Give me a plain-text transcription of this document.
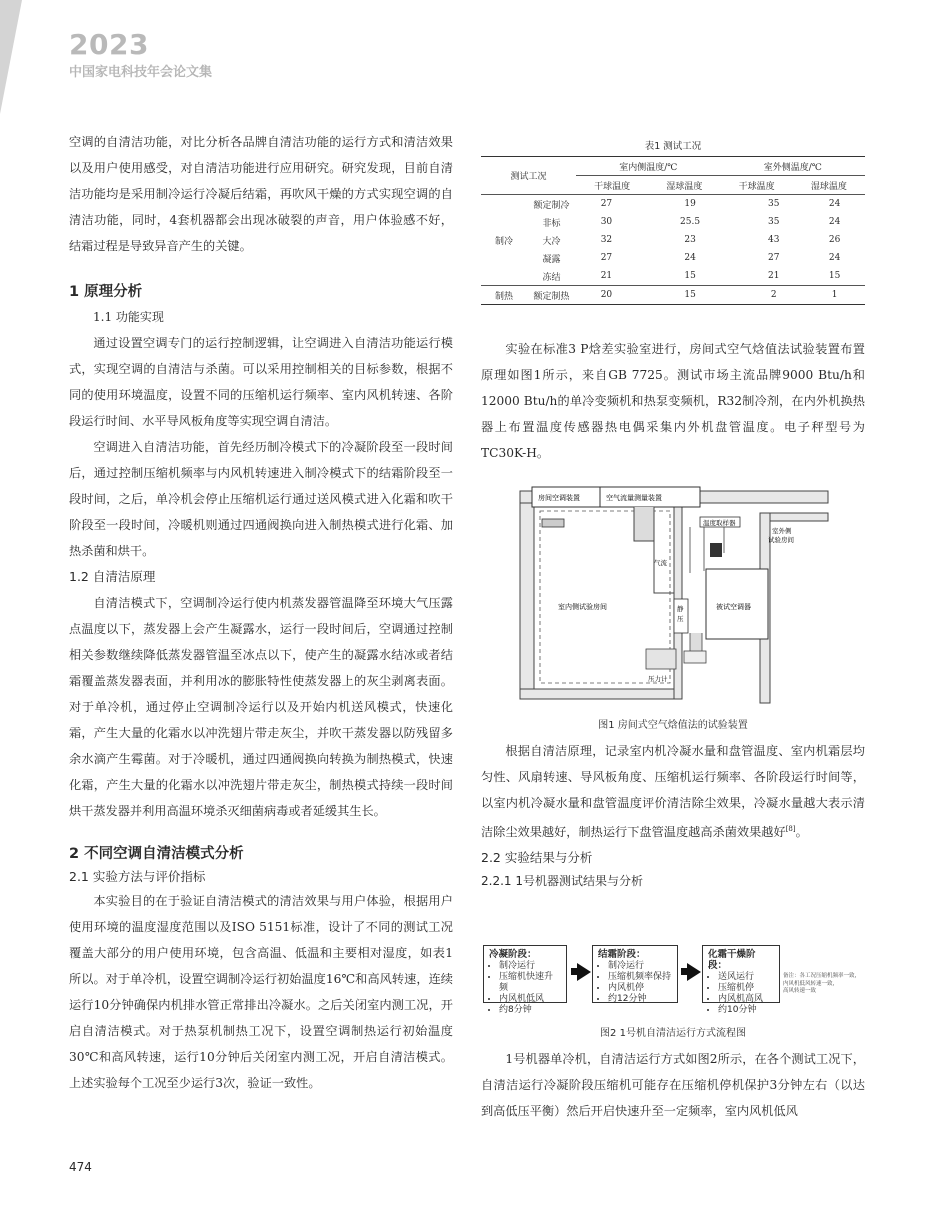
2023
中国家电科技年会论文集

空调的自清洁功能，对比分析各品牌自清洁功能的运行方式和清洁效果以及用户使用感受，对自清洁功能进行应用研究。研究发现，目前自清洁功能均是采用制冷运行冷凝后结霜，再吹风干燥的方式实现空调的自清洁功能，同时，4套机器都会出现冰破裂的声音，用户体验感不好，结霜过程是导致异音产生的关键。

1 原理分析

1.1 功能实现

通过设置空调专门的运行控制逻辑，让空调进入自清洁功能运行模式，实现空调的自清洁与杀菌。可以采用控制相关的目标参数，根据不同的使用环境温度，设置不同的压缩机运行频率、室内风机转速、各阶段运行时间、水平导风板角度等实现空调自清洁。

空调进入自清洁功能，首先经历制冷模式下的冷凝阶段至一段时间后，通过控制压缩机频率与内风机转速进入制冷模式下的结霜阶段至一段时间，之后，单冷机会停止压缩机运行通过送风模式进入化霜和吹干阶段至一段时间，冷暖机则通过四通阀换向进入制热模式进行化霜、加热杀菌和烘干。

1.2 自清洁原理

自清洁模式下，空调制冷运行使内机蒸发器管温降至环境大气压露点温度以下，蒸发器上会产生凝露水，运行一段时间后，空调通过控制相关参数继续降低蒸发器管温至冰点以下，使产生的凝露水结冰或者结霜覆盖蒸发器表面，并利用冰的膨胀特性使蒸发器上的灰尘剥离表面。对于单冷机，通过停止空调制冷运行以及开始内机送风模式，快速化霜，产生大量的化霜水以冲洗翅片带走灰尘，并吹干蒸发器以防残留多余水滴产生霉菌。对于冷暖机，通过四通阀换向转换为制热模式，快速化霜，产生大量的化霜水以冲洗翅片带走灰尘，制热模式持续一段时间烘干蒸发器并利用高温环境杀灭细菌病毒或者延缓其生长。

2 不同空调自清洁模式分析

2.1 实验方法与评价指标

本实验目的在于验证自清洁模式的清洁效果与用户体验，根据用户使用环境的温度湿度范围以及ISO 5151标准，设计了不同的测试工况覆盖大部分的用户使用环境，包含高温、低温和主要相对湿度，如表1所以。对于单冷机，设置空调制冷运行初始温度16℃和高风转速，连续运行10分钟确保内机排水管正常排出冷凝水。之后关闭室内测工况，开启自清洁模式。对于热泵机制热工况下，设置空调制热运行初始温度30℃和高风转速，运行10分钟后关闭室内测工况，开启自清洁模式。上述实验每个工况至少运行3次，验证一致性。

表1 测试工况
测试工况	室内侧温度/℃		室外侧温度/℃	
	干球温度	湿球温度	干球温度	湿球温度
制冷	额定制冷	27	19	35	24
	非标	30	25.5	35	24
	大冷	32	23	43	26
	凝露	27	24	27	24
	冻结	21	15	21	15
制热	额定制热	20	15	2	1

实验在标准3 P焓差实验室进行，房间式空气焓值法试验装置布置原理如图1所示，来自GB 7725。测试市场主流品牌9000 Btu/h和12000 Btu/h的单冷变频机和热泵变频机，R32制冷剂，在内外机换热器上布置温度传感器热电偶采集内外机盘管温度。电子秤型号为TC30K-H。

房间空调装置	空气流量测量装置
温度取样器
室外侧
试验房间
气流
被试空调器
室内侧试验房间	静
压
压力计
图1 房间式空气焓值法的试验装置

根据自清洁原理，记录室内机冷凝水量和盘管温度、室内机霜层均匀性、风扇转速、导风板角度、压缩机运行频率、各阶段运行时间等，以室内机冷凝水量和盘管温度评价清洁除尘效果，冷凝水量越大表示清洁除尘效果越好，制热运行下盘管温度越高杀菌效果越好[8]。

2.2 实验结果与分析

2.2.1 1号机器测试结果与分析

冷凝阶段：
• 制冷运行
• 压缩机快速升频
• 内风机低风
• 约8分钟
结霜阶段：
• 制冷运行
• 压缩机频率保持
• 内风机停
• 约12分钟
化霜干燥阶段：
• 送风运行
• 压缩机停
• 内风机高风
• 约10分钟
备注：各工况压缩机频率一致，
内风机低风转速一致，
高风转速一致
图2 1号机自清洁运行方式流程图

1号机器单冷机，自清洁运行方式如图2所示，在各个测试工况下，自清洁运行冷凝阶段压缩机可能存在压缩机停机保护3分钟左右（以达到高低压平衡）然后开启快速升至一定频率，室内风机低风

474
